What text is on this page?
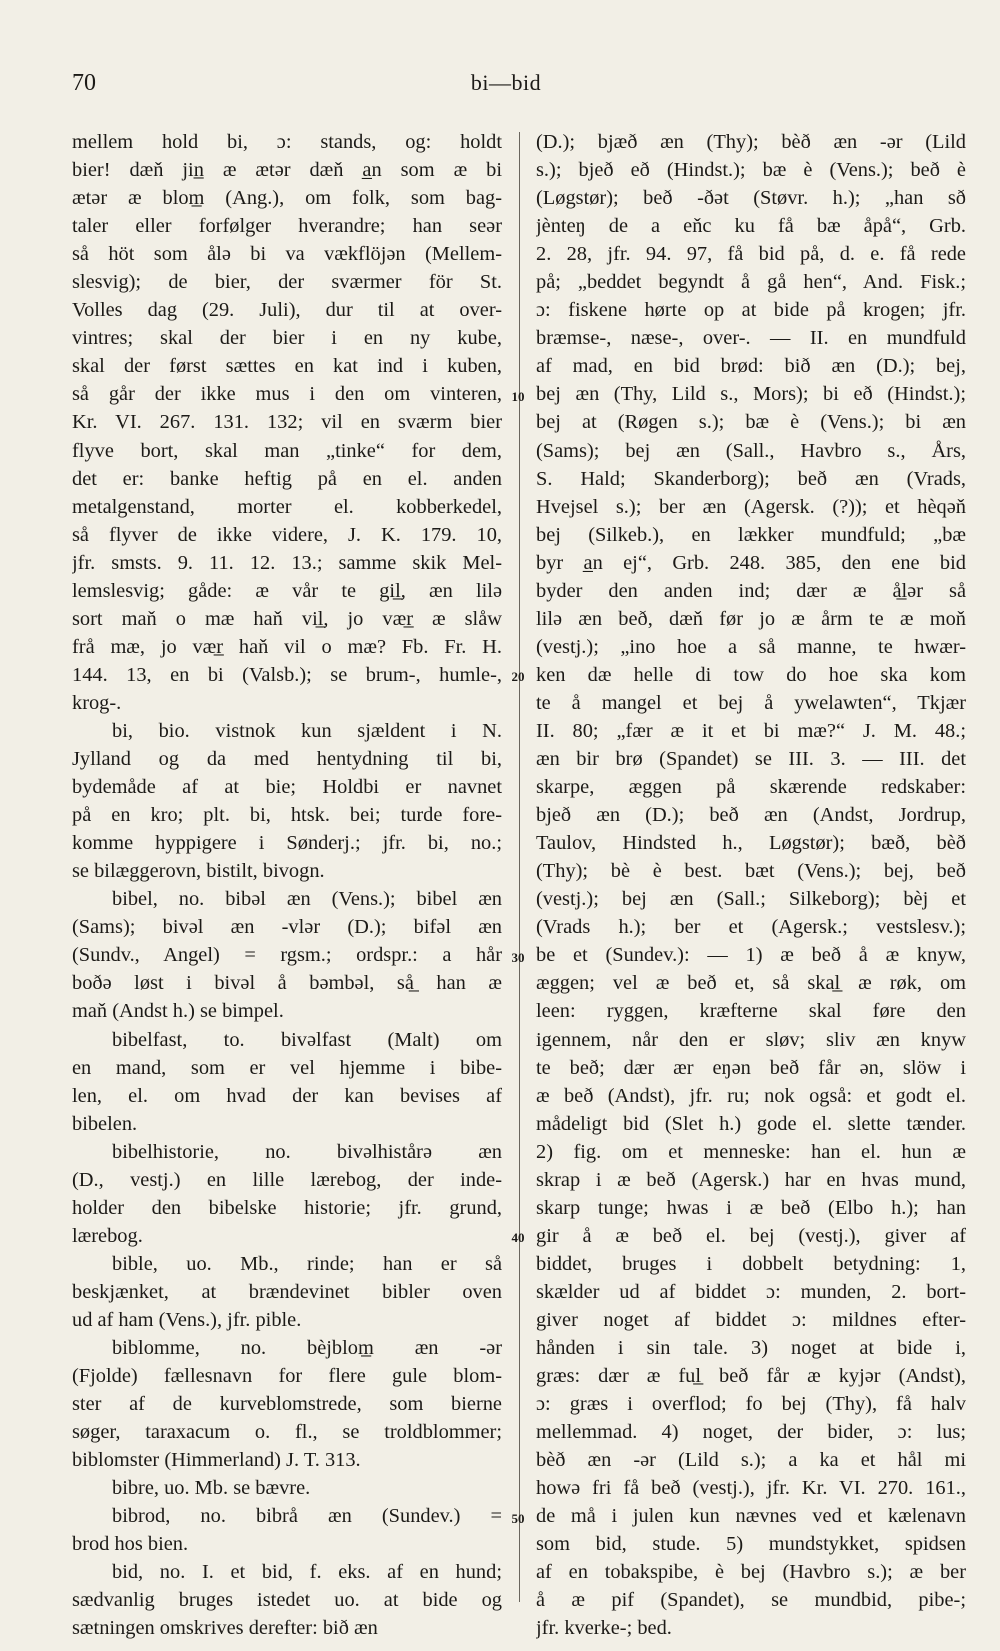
70	bi—bid
mellem hold bi, ɔ: stands, og: holdt
bier! dæň jin̲ æ ætər dæň a̲n som æ bi
ætər æ blom̲ (Ang.), om folk, som bag-
taler eller forfølger hverandre; han seər
så höt som ålə bi va vækflöjən (Mellem-
slesvig); de bier, der sværmer för St.
Volles dag (29. Juli), dur til at over-
vintres; skal der bier i en ny kube,
skal der først sættes en kat ind i kuben,
så går der ikke mus i den om vinteren,
Kr. VI. 267. 131. 132; vil en sværm bier
flyve bort, skal man „tinke“ for dem,
det er: banke heftig på en el. anden
metalgenstand, morter el. kobberkedel,
så flyver de ikke videre, J. K. 179. 10,
jfr. smsts. 9. 11. 12. 13.; samme skik Mel-
lemslesvig; gåde: æ vår te gil̲, æn lilə
sort maň o mæ haň vil̲, jo vær̲ æ slåw
frå mæ, jo vær̲ haň vil o mæ? Fb. Fr. H.
144. 13, en bi (Valsb.); se brum-, humle-,
krog-.
bi, bio. vistnok kun sjældent i N.
Jylland og da med hentydning til bi,
bydemåde af at bie; Holdbi er navnet
på en kro; plt. bi, htsk. bei; turde fore-
komme hyppigere i Sønderj.; jfr. bi, no.;
se bilæggerovn, bistilt, bivogn.
bibel, no. bibəl æn (Vens.); bibel æn
(Sams); bivəl æn -vlər (D.); bifəl æn
(Sundv., Angel) = rgsm.; ordspr.: a hår
boðə løst i bivəl å bəmbəl, så̲ han æ
maň (Andst h.) se bimpel.
bibelfast, to. bivəlfast (Malt) om
en mand, som er vel hjemme i bibe-
len, el. om hvad der kan bevises af
bibelen.
bibelhistorie, no. bivəlhistårə æn
(D., vestj.) en lille lærebog, der inde-
holder den bibelske historie; jfr. grund,
lærebog.
bible, uo. Mb., rinde; han er så
beskjænket, at brændevinet bibler oven
ud af ham (Vens.), jfr. pible.
biblomme, no. bèjblom̲ æn -ər
(Fjolde) fællesnavn for flere gule blom-
ster af de kurveblomstrede, som bierne
søger, taraxacum o. fl., se troldblommer;
biblomster (Himmerland) J. T. 313.
bibre, uo. Mb. se bævre.
bibrod, no. bibrå æn (Sundev.) =
brod hos bien.
bid, no. I. et bid, f. eks. af en hund;
sædvanlig bruges istedet uo. at bide og
sætningen omskrives derefter: bið æn
10
20
30
40
50
(D.); bjæð æn (Thy); bèð æn -ər (Lild
s.); bjeð eð (Hindst.); bæ è (Vens.); beð è
(Løgstør); beð -ðət (Støvr. h.); „han sð
jènteŋ de a eňc ku få bæ åpå“, Grb.
2. 28, jfr. 94. 97, få bid på, d. e. få rede
på; „beddet begyndt å gå hen“, And. Fisk.;
ɔ: fiskene hørte op at bide på krogen; jfr.
bræmse-, næse-, over-. — II. en mundfuld
af mad, en bid brød: bið æn (D.); bej,
bej æn (Thy, Lild s., Mors); bi eð (Hindst.);
bej at (Røgen s.); bæ è (Vens.); bi æn
(Sams); bej æn (Sall., Havbro s., Års,
S. Hald; Skanderborg); beð æn (Vrads,
Hvejsel s.); ber æn (Agersk. (?)); et hèqəň
bej (Silkeb.), en lækker mundfuld; „bæ
byr a̲n ej“, Grb. 248. 385, den ene bid
byder den anden ind; dær æ å̲lər så
lilə æn beð, dæň før jo æ årm te æ moň
(vestj.); „ino hoe a så manne, te hwær-
ken dæ helle di tow do hoe ska kom
te å mangel et bej å ywelawten“, Tkjær
II. 80; „fær æ it et bi mæ?“ J. M. 48.;
æn bir brø (Spandet) se III. 3. — III. det
skarpe, æggen på skærende redskaber:
bjeð æn (D.); beð æn (Andst, Jordrup,
Taulov, Hindsted h., Løgstør); bæð, bèð
(Thy); bè è best. bæt (Vens.); bej, beð
(vestj.); bej æn (Sall.; Silkeborg); bèj et
(Vrads h.); ber et (Agersk.; vestslesv.);
be et (Sundev.): — 1) æ beð å æ knyw,
æggen; vel æ beð et, så skal̲ æ røk, om
leen: ryggen, kræfterne skal føre den
igennem, når den er sløv; sliv æn knyw
te beð; dær ær eŋən beð får ən, slöw i
æ beð (Andst), jfr. ru; nok også: et godt el.
mådeligt bid (Slet h.) gode el. slette tænder.
2) fig. om et menneske: han el. hun æ
skrap i æ beð (Agersk.) har en hvas mund,
skarp tunge; hwas i æ beð (Elbo h.); han
gir å æ beð el. bej (vestj.), giver af
biddet, bruges i dobbelt betydning: 1,
skælder ud af biddet ɔ: munden, 2. bort-
giver noget af biddet ɔ: mildnes efter-
hånden i sin tale. 3) noget at bide i,
græs: dær æ ful̲ beð får æ kyjər (Andst),
ɔ: græs i overflod; fo bej (Thy), få halv
mellemmad. 4) noget, der bider, ɔ: lus;
bèð æn -ər (Lild s.); a ka et hål mi
howə fri få beð (vestj.), jfr. Kr. VI. 270. 161.,
de må i julen kun nævnes ved et kælenavn
som bid, stude. 5) mundstykket, spidsen
af en tobakspibe, è bej (Havbro s.); æ ber
å æ pif (Spandet), se mundbid, pibe-;
jfr. kverke-; bed.
